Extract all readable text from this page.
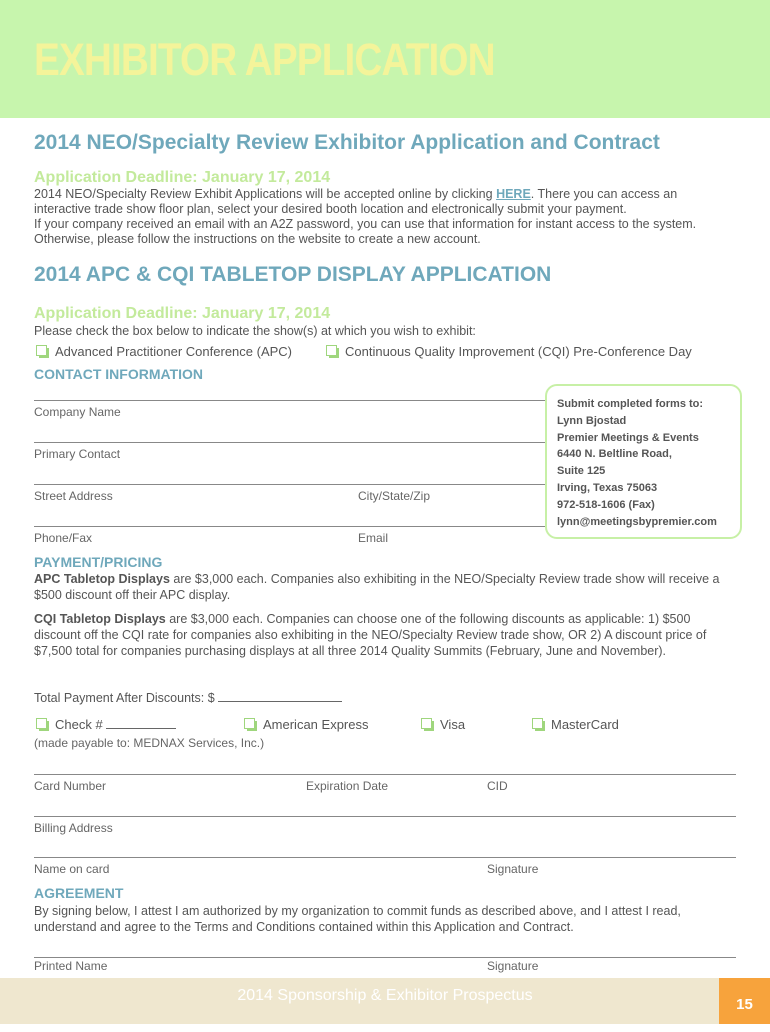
EXHIBITOR APPLICATION
2014 NEO/Specialty Review Exhibitor Application and Contract
Application Deadline: January 17, 2014
2014 NEO/Specialty Review Exhibit Applications will be accepted online by clicking HERE. There you can access an interactive trade show floor plan, select your desired booth location and electronically submit your payment.
If your company received an email with an A2Z password, you can use that information for instant access to the system. Otherwise, please follow the instructions on the website to create a new account.
2014 APC & CQI TABLETOP DISPLAY APPLICATION
Application Deadline: January 17, 2014
Please check the box below to indicate the show(s) at which you wish to exhibit:
Advanced Practitioner Conference (APC)	Continuous Quality Improvement (CQI) Pre-Conference Day
CONTACT INFORMATION
Company Name
Primary Contact
Street Address	City/State/Zip
Phone/Fax	Email
Submit completed forms to:
Lynn Bjostad
Premier Meetings & Events
6440 N. Beltline Road,
Suite 125
Irving, Texas 75063
972-518-1606 (Fax)
lynn@meetingsbypremier.com
PAYMENT/PRICING
APC Tabletop Displays are $3,000 each. Companies also exhibiting in the NEO/Specialty Review trade show will receive a $500 discount off their APC display.
CQI Tabletop Displays are $3,000 each. Companies can choose one of the following discounts as applicable: 1) $500 discount off the CQI rate for companies also exhibiting in the NEO/Specialty Review trade show, OR 2) A discount price of $7,500 total for companies purchasing displays at all three 2014 Quality Summits (February, June and November).
Total Payment After Discounts: $
Check #	American Express	Visa	MasterCard
(made payable to: MEDNAX Services, Inc.)
Card Number	Expiration Date	CID
Billing Address
Name on card	Signature
AGREEMENT
By signing below, I attest I am authorized by my organization to commit funds as described above, and I attest I read, understand and agree to the Terms and Conditions contained within this Application and Contract.
Printed Name	Signature
2014 Sponsorship & Exhibitor Prospectus
15
